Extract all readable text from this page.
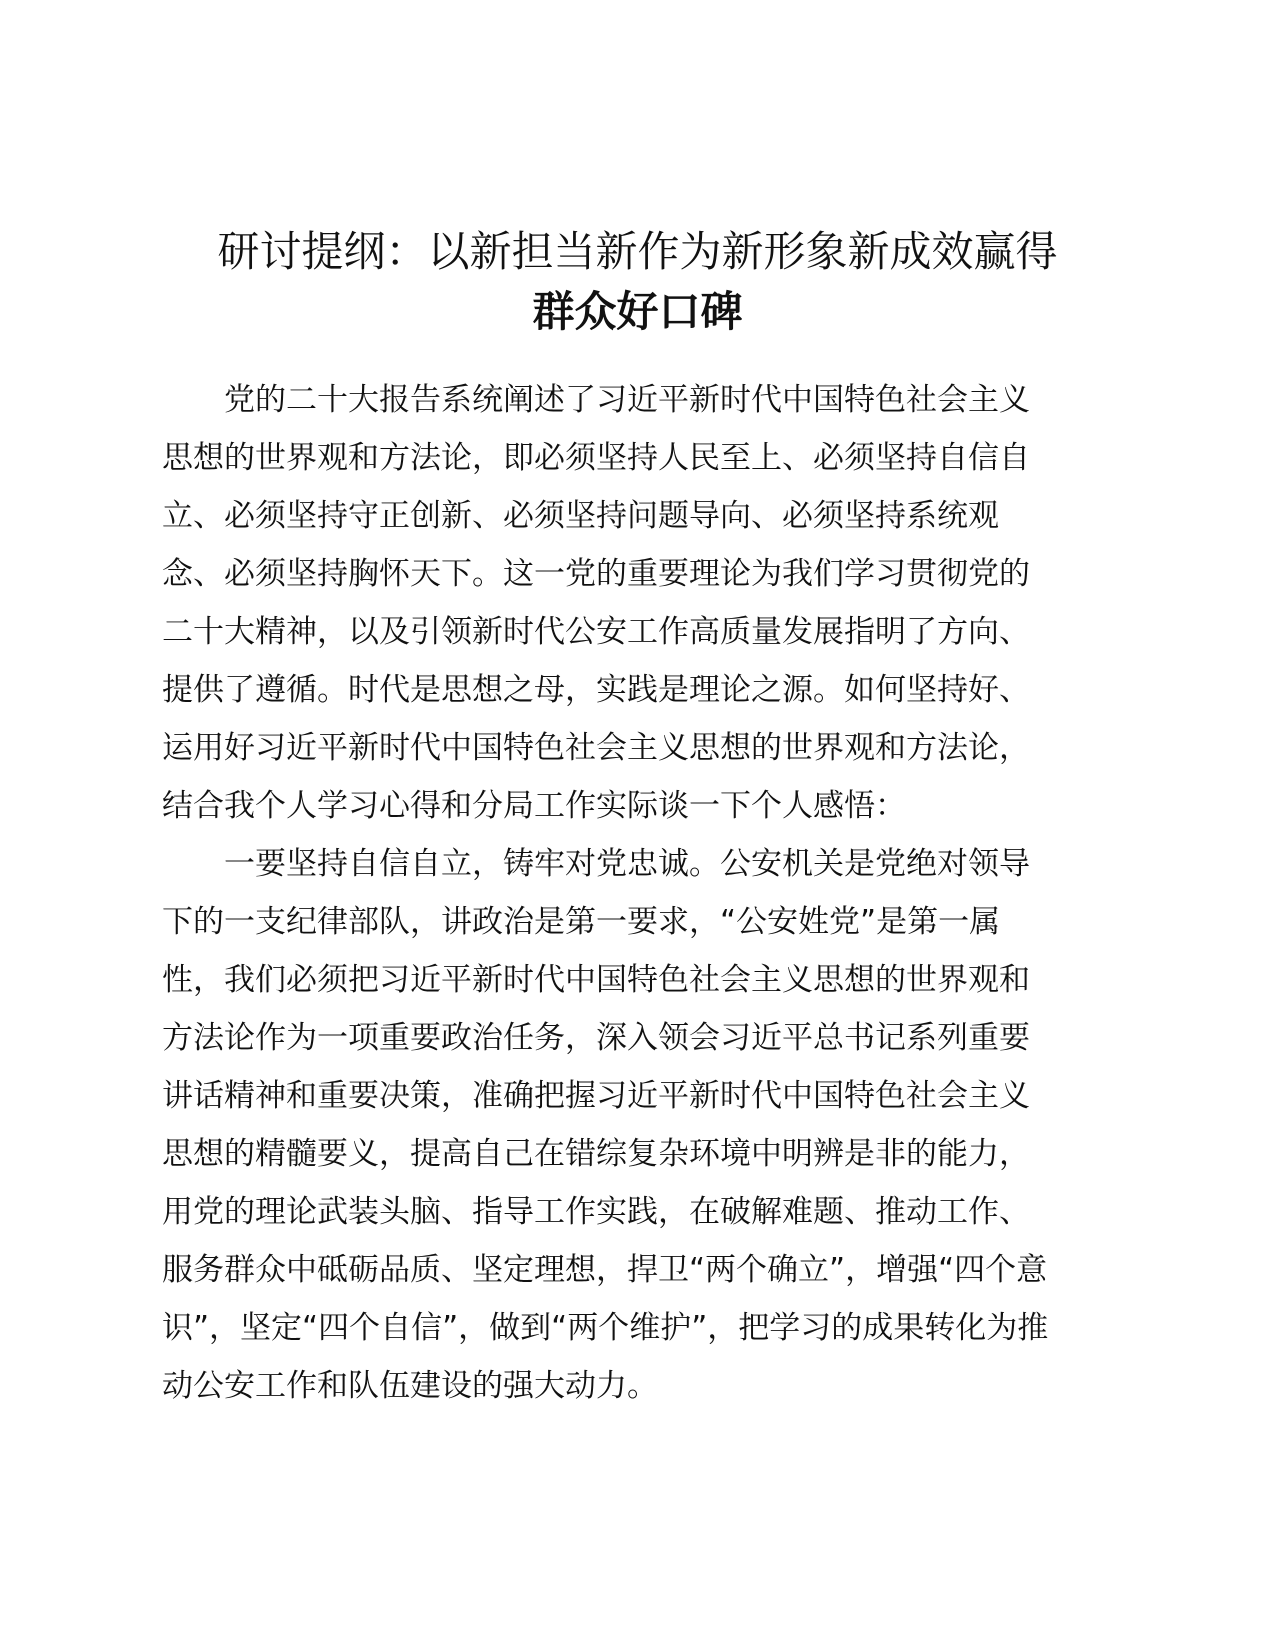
研讨提纲：以新担当新作为新形象新成效赢得
群众好口碑

党的二十大报告系统阐述了习近平新时代中国特色社会主义
思想的世界观和方法论，即必须坚持人民至上、必须坚持自信自
立、必须坚持守正创新、必须坚持问题导向、必须坚持系统观
念、必须坚持胸怀天下。这一党的重要理论为我们学习贯彻党的
二十大精神，以及引领新时代公安工作高质量发展指明了方向、
提供了遵循。时代是思想之母，实践是理论之源。如何坚持好、
运用好习近平新时代中国特色社会主义思想的世界观和方法论，
结合我个人学习心得和分局工作实际谈一下个人感悟：

一要坚持自信自立，铸牢对党忠诚。公安机关是党绝对领导
下的一支纪律部队，讲政治是第一要求，“公安姓党”是第一属
性，我们必须把习近平新时代中国特色社会主义思想的世界观和
方法论作为一项重要政治任务，深入领会习近平总书记系列重要
讲话精神和重要决策，准确把握习近平新时代中国特色社会主义
思想的精髓要义，提高自己在错综复杂环境中明辨是非的能力，
用党的理论武装头脑、指导工作实践，在破解难题、推动工作、
服务群众中砥砺品质、坚定理想，捍卫“两个确立”，增强“四个意
识”，坚定“四个自信”，做到“两个维护”，把学习的成果转化为推
动公安工作和队伍建设的强大动力。
